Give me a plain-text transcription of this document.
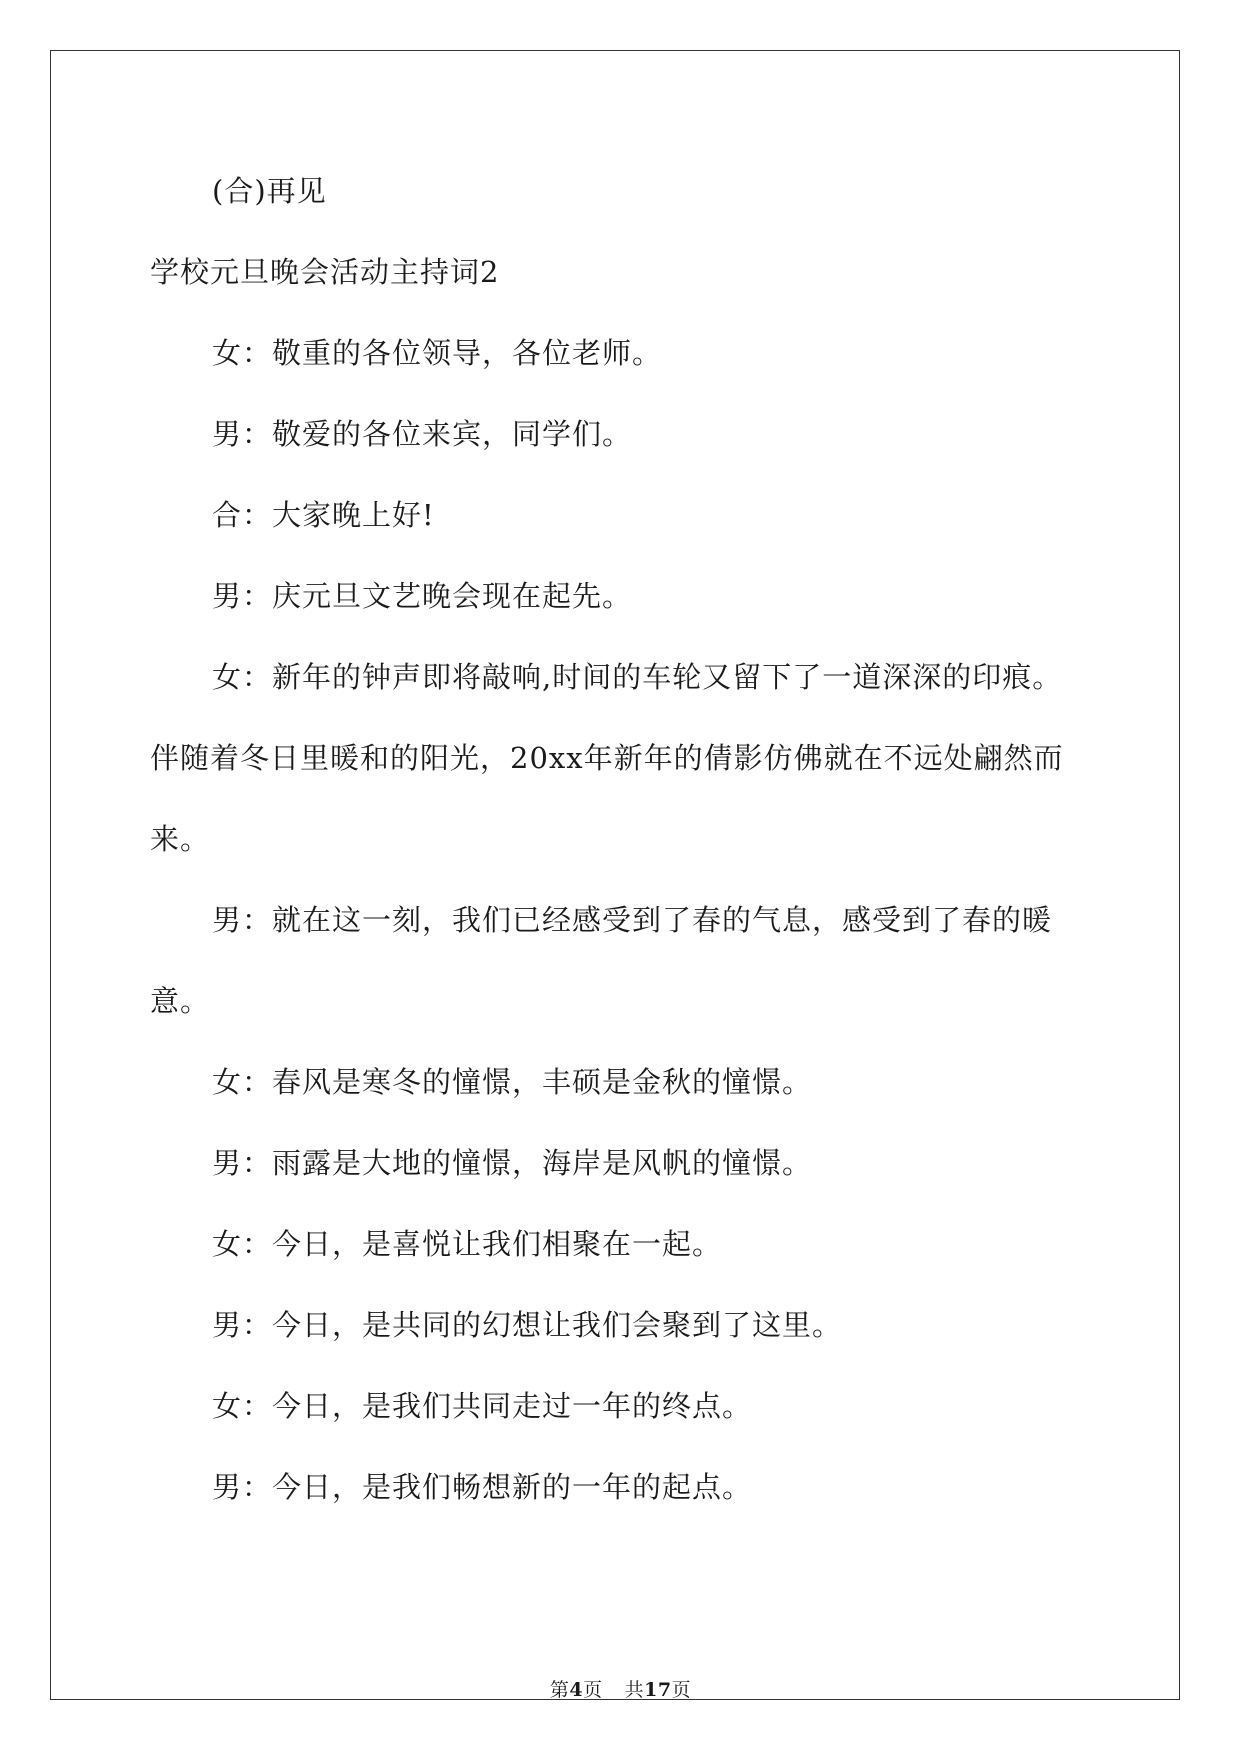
(合)再见
学校元旦晚会活动主持词2
女：敬重的各位领导，各位老师。
男：敬爱的各位来宾，同学们。
合：大家晚上好!
男：庆元旦文艺晚会现在起先。
女：新年的钟声即将敲响,时间的车轮又留下了一道深深的印痕。
伴随着冬日里暖和的阳光，20xx年新年的倩影仿佛就在不远处翩然而
来。
男：就在这一刻，我们已经感受到了春的气息，感受到了春的暖
意。
女：春风是寒冬的憧憬，丰硕是金秋的憧憬。
男：雨露是大地的憧憬，海岸是风帆的憧憬。
女：今日，是喜悦让我们相聚在一起。
男：今日，是共同的幻想让我们会聚到了这里。
女：今日，是我们共同走过一年的终点。
男：今日，是我们畅想新的一年的起点。
第4页 共17页
